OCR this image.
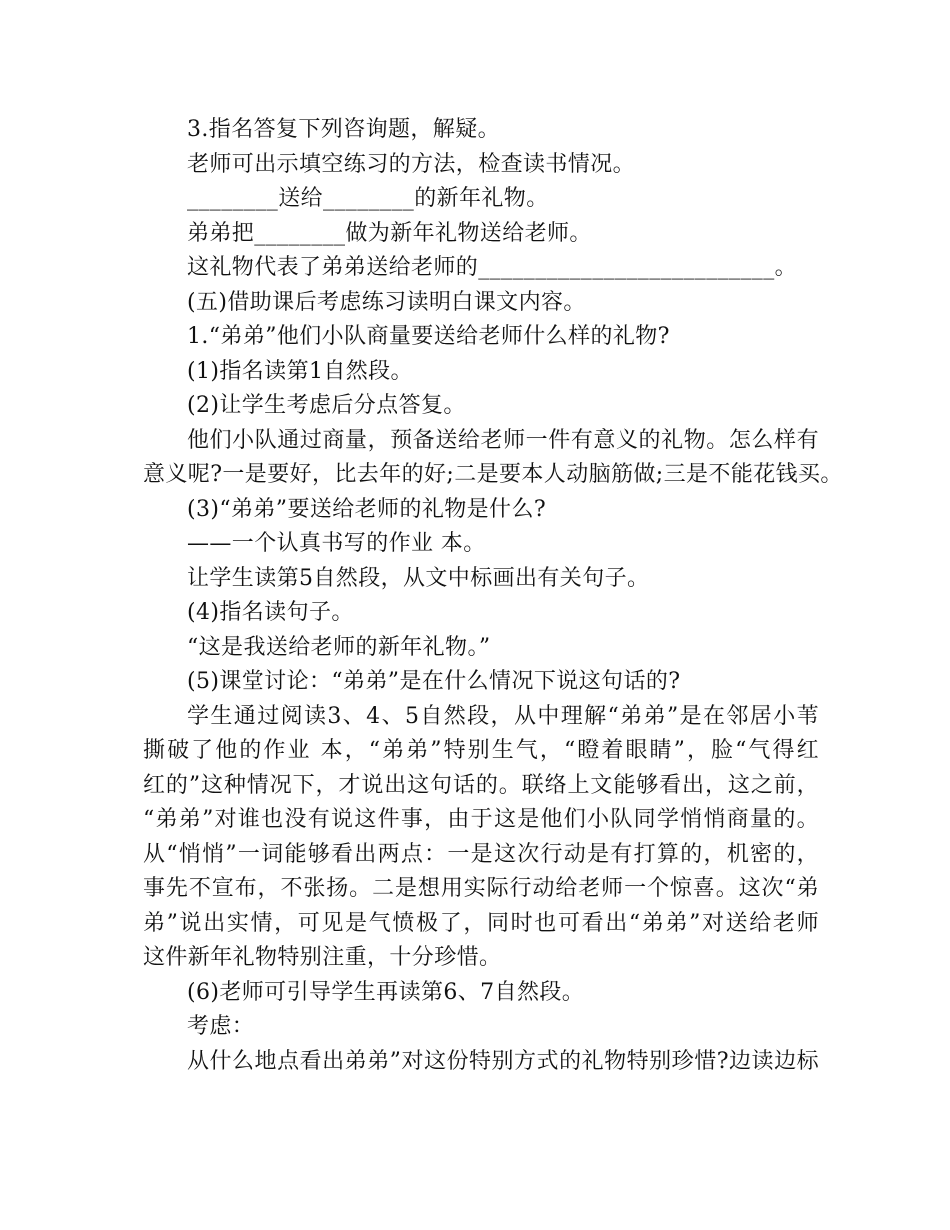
3.指名答复下列咨询题，解疑。
老师可出示填空练习的方法，检查读书情况。
________送给________的新年礼物。
弟弟把________做为新年礼物送给老师。
这礼物代表了弟弟送给老师的__________________________。
(五)借助课后考虑练习读明白课文内容。
1.“弟弟”他们小队商量要送给老师什么样的礼物?
(1)指名读第1自然段。
(2)让学生考虑后分点答复。
他们小队通过商量，预备送给老师一件有意义的礼物。怎么样有
意义呢?一是要好，比去年的好;二是要本人动脑筋做;三是不能花钱买。
(3)“弟弟”要送给老师的礼物是什么?
——一个认真书写的作业 本。
让学生读第5自然段，从文中标画出有关句子。
(4)指名读句子。
“这是我送给老师的新年礼物。”
(5)课堂讨论：“弟弟”是在什么情况下说这句话的?
学生通过阅读3、4、5自然段，从中理解“弟弟”是在邻居小苇
撕破了他的作业 本，“弟弟”特别生气，“瞪着眼睛”，脸“气得红
红的”这种情况下，才说出这句话的。联络上文能够看出，这之前，
“弟弟”对谁也没有说这件事，由于这是他们小队同学悄悄商量的。
从“悄悄”一词能够看出两点：一是这次行动是有打算的，机密的，
事先不宣布，不张扬。二是想用实际行动给老师一个惊喜。这次“弟
弟”说出实情，可见是气愤极了，同时也可看出“弟弟”对送给老师
这件新年礼物特别注重，十分珍惜。
(6)老师可引导学生再读第6、7自然段。
考虑：
从什么地点看出弟弟”对这份特别方式的礼物特别珍惜?边读边标
